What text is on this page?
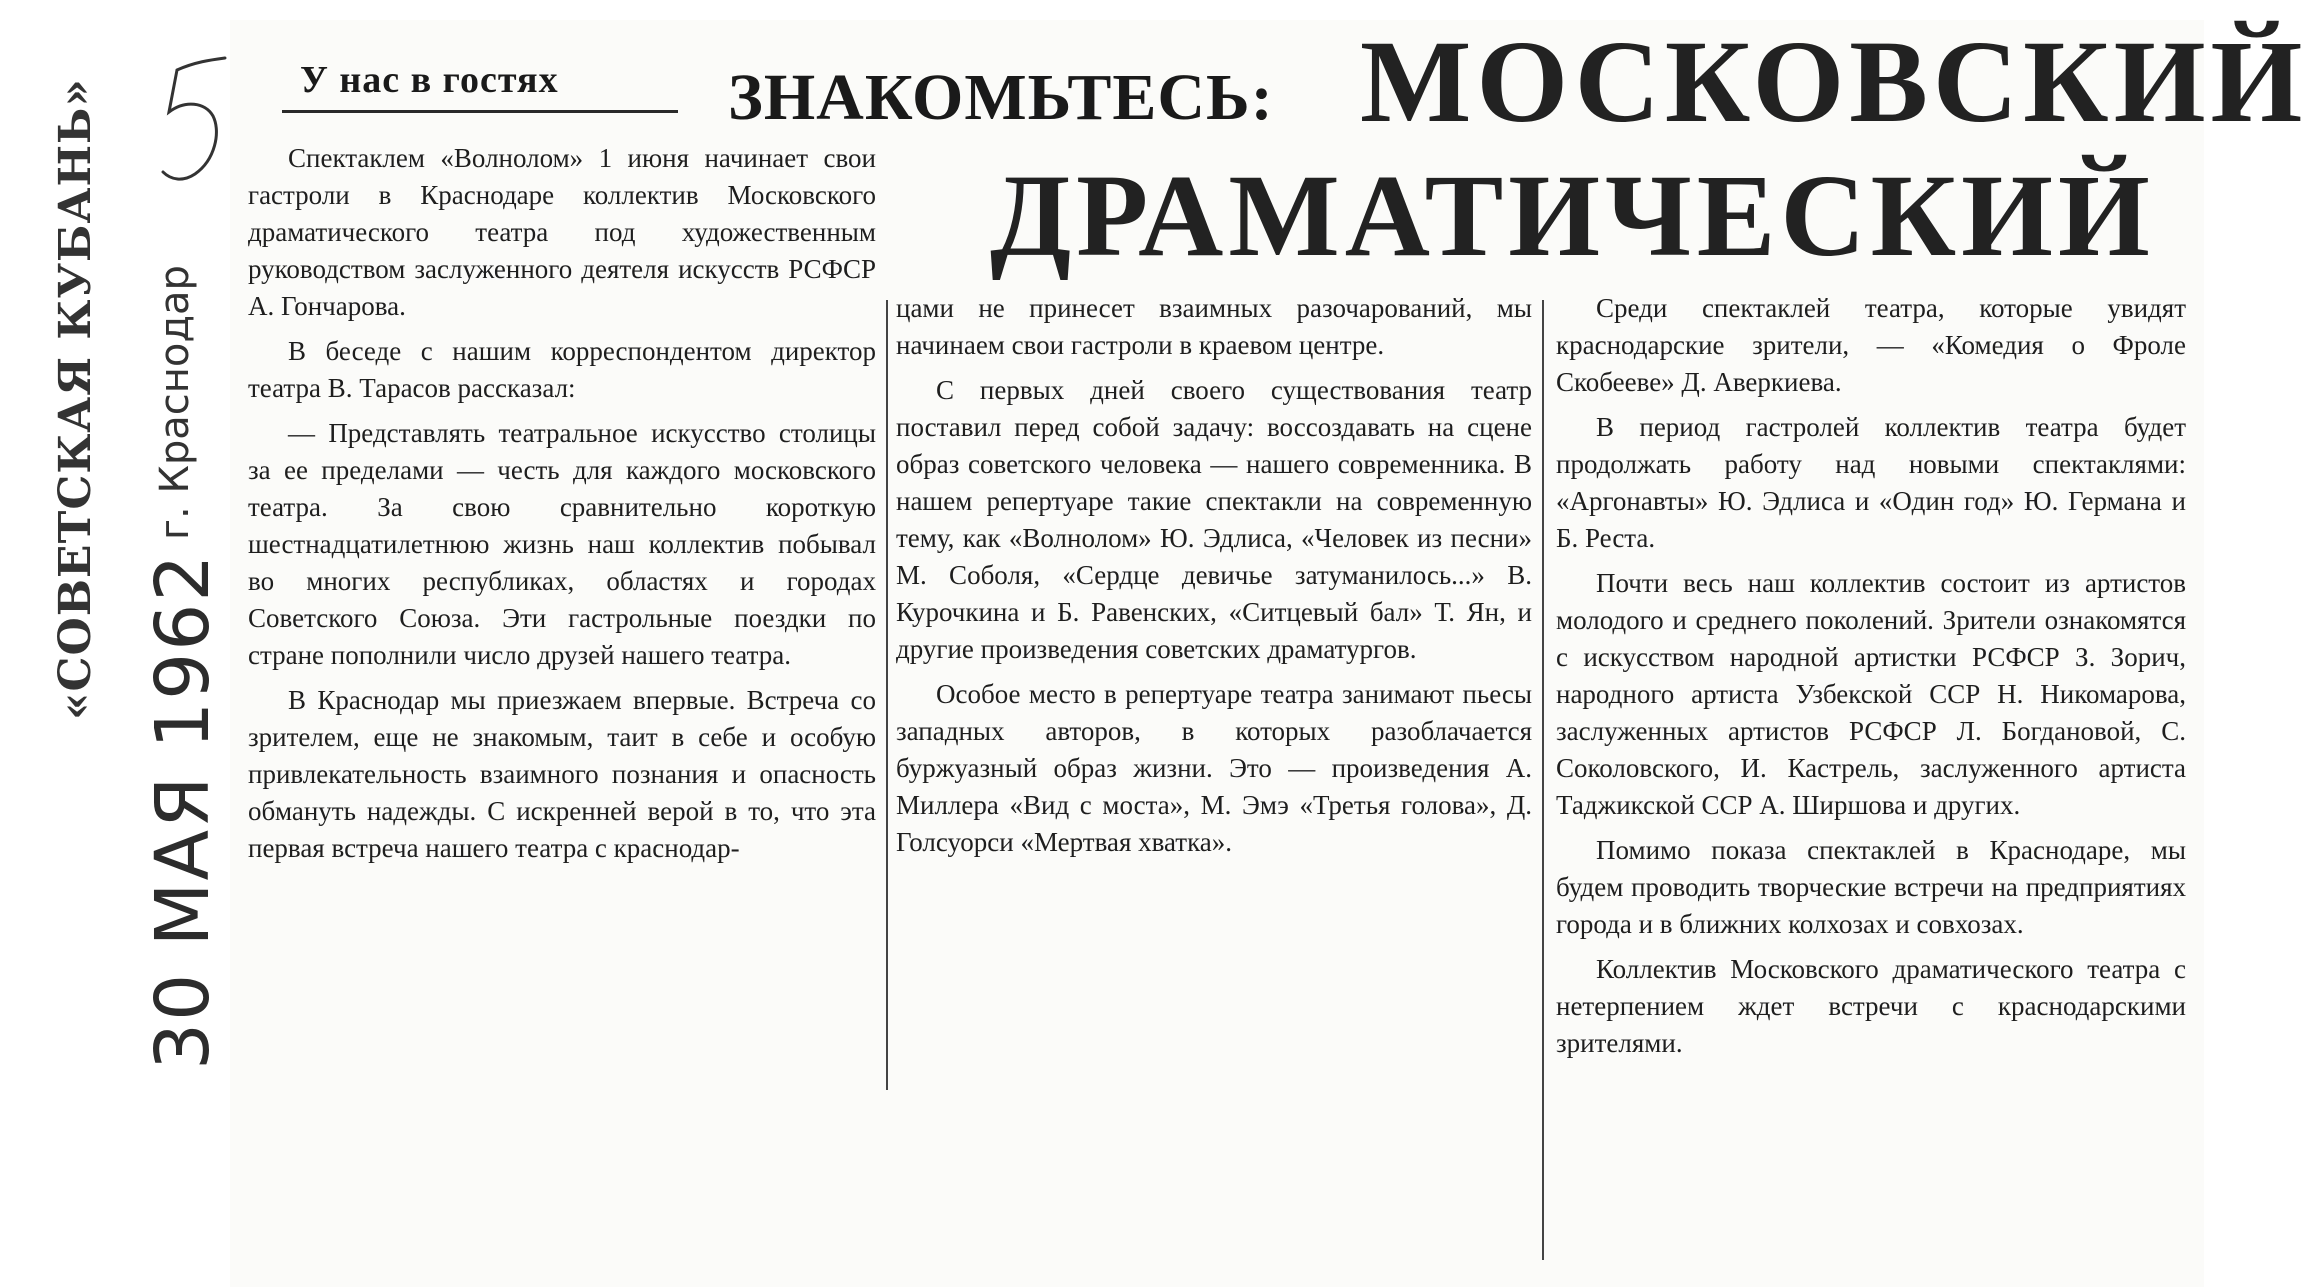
«СОВЕТСКАЯ КУБАНЬ» г. Краснодар
30 МАЯ 1962
У нас в гостях	ЗНАКОМЬТЕСЬ: МОСКОВСКИЙ
ДРАМАТИЧЕСКИЙ

Спектаклем «Волнолом» 1 июня начинает свои гастроли в Краснодаре коллектив Московского драматического театра под художественным руководством заслуженного деятеля искусств РСФСР А. Гончарова.

В беседе с нашим корреспондентом директор театра В. Тарасов рассказал:

— Представлять театральное искусство столицы за ее пределами — честь для каждого московского театра. За свою сравнительно короткую шестнадцатилетнюю жизнь наш коллектив побывал во многих республиках, областях и городах Советского Союза. Эти гастрольные поездки по стране пополнили число друзей нашего театра.

В Краснодар мы приезжаем впервые. Встреча со зрителем, еще не знакомым, таит в себе и особую привлекательность взаимного познания и опасность обмануть надежды. С искренней верой в то, что эта первая встреча нашего театра с краснодар-

цами не принесет взаимных разочарований, мы начинаем свои гастроли в краевом центре.

С первых дней своего существования театр поставил перед собой задачу: воссоздавать на сцене образ советского человека — нашего современника. В нашем репертуаре такие спектакли на современную тему, как «Волнолом» Ю. Эдлиса, «Человек из песни» М. Соболя, «Сердце девичье затуманилось...» В. Курочкина и Б. Равенских, «Ситцевый бал» Т. Ян, и другие произведения советских драматургов.

Особое место в репертуаре театра занимают пьесы западных авторов, в которых разоблачается буржуазный образ жизни. Это — произведения А. Миллера «Вид с моста», М. Эмэ «Третья голова», Д. Голсуорси «Мертвая хватка».

Среди спектаклей театра, которые увидят краснодарские зрители, — «Комедия о Фроле Скобееве» Д. Аверкиева.

В период гастролей коллектив театра будет продолжать работу над новыми спектаклями: «Аргонавты» Ю. Эдлиса и «Один год» Ю. Германа и Б. Реста.

Почти весь наш коллектив состоит из артистов молодого и среднего поколений. Зрители ознакомятся с искусством народной артистки РСФСР З. Зорич, народного артиста Узбекской ССР Н. Никомарова, заслуженных артистов РСФСР Л. Богдановой, С. Соколовского, И. Кастрель, заслуженного артиста Таджикской ССР А. Ширшова и других.

Помимо показа спектаклей в Краснодаре, мы будем проводить творческие встречи на предприятиях города и в ближних колхозах и совхозах.

Коллектив Московского драматического театра с нетерпением ждет встречи с краснодарскими зрителями.
